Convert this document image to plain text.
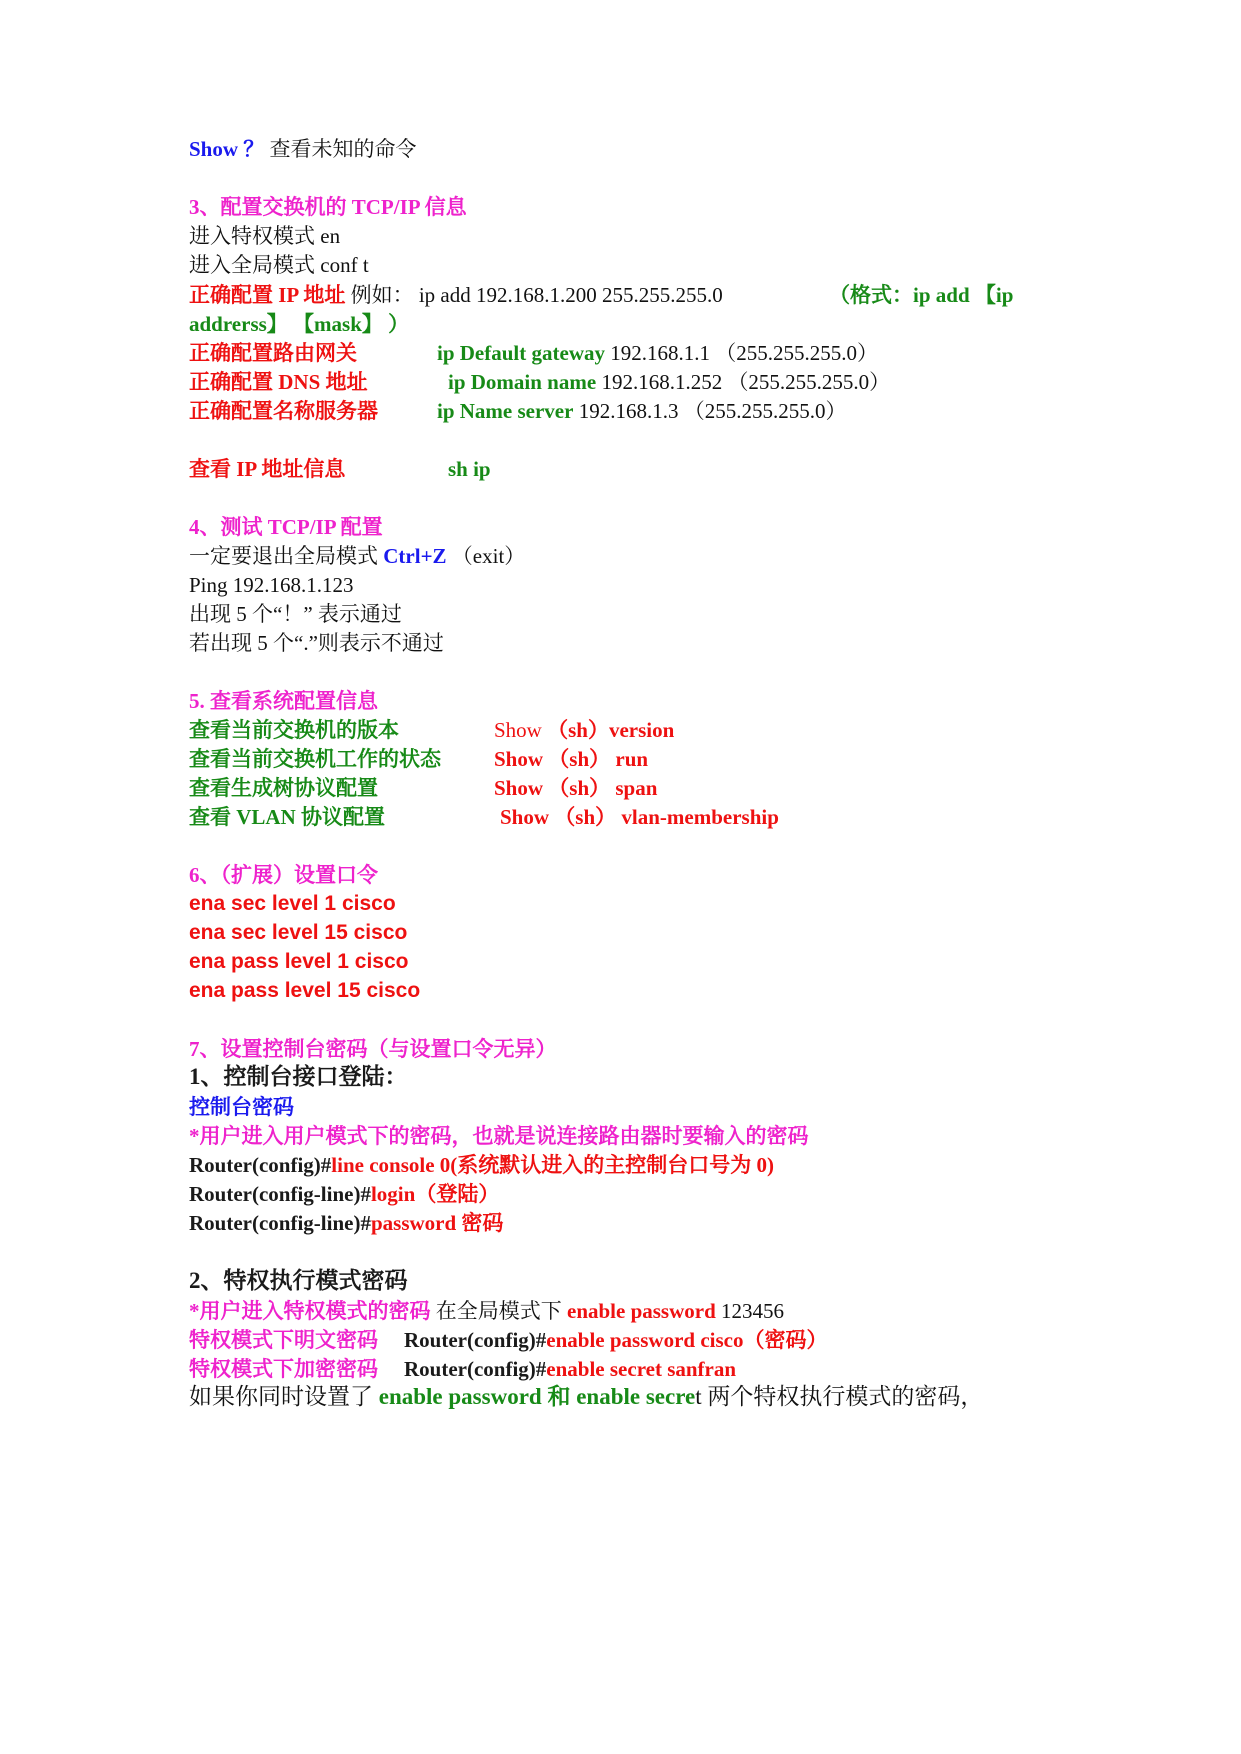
Show ？ 查看未知的命令
3、配置交换机的 TCP/IP 信息
进入特权模式 en
进入全局模式 conf t
正确配置 IP 地址 例如： ip add 192.168.1.200 255.255.255.0	（格式：ip add 【ip
addrerss】 【mask】 ）
正确配置路由网关	ip Default gateway 192.168.1.1 （255.255.255.0）
正确配置 DNS 地址	ip Domain name 192.168.1.252 （255.255.255.0）
正确配置名称服务器	ip Name server 192.168.1.3 （255.255.255.0）
查看 IP 地址信息	sh ip
4、测试 TCP/IP 配置
一定要退出全局模式 Ctrl+Z （exit）
Ping 192.168.1.123
出现 5 个“！” 表示通过
若出现 5 个“.”则表示不通过
5. 查看系统配置信息
查看当前交换机的版本	Show （sh）version
查看当前交换机工作的状态	Show （sh） run
查看生成树协议配置	Show （sh） span
查看 VLAN 协议配置	Show （sh） vlan-membership
6、（扩展）设置口令
ena sec level 1 cisco
ena sec level 15 cisco
ena pass level 1 cisco
ena pass level 15 cisco
7、设置控制台密码（与设置口令无异）
1、控制台接口登陆：
控制台密码
*用户进入用户模式下的密码，也就是说连接路由器时要输入的密码
Router(config)#line console 0(系统默认进入的主控制台口号为 0)
Router(config-line)#login（登陆）
Router(config-line)#password 密码
2、特权执行模式密码
*用户进入特权模式的密码 在全局模式下 enable password 123456
特权模式下明文密码 Router(config)#enable password cisco（密码）
特权模式下加密密码 Router(config)#enable secret sanfran
如果你同时设置了 enable password 和 enable secret 两个特权执行模式的密码，
